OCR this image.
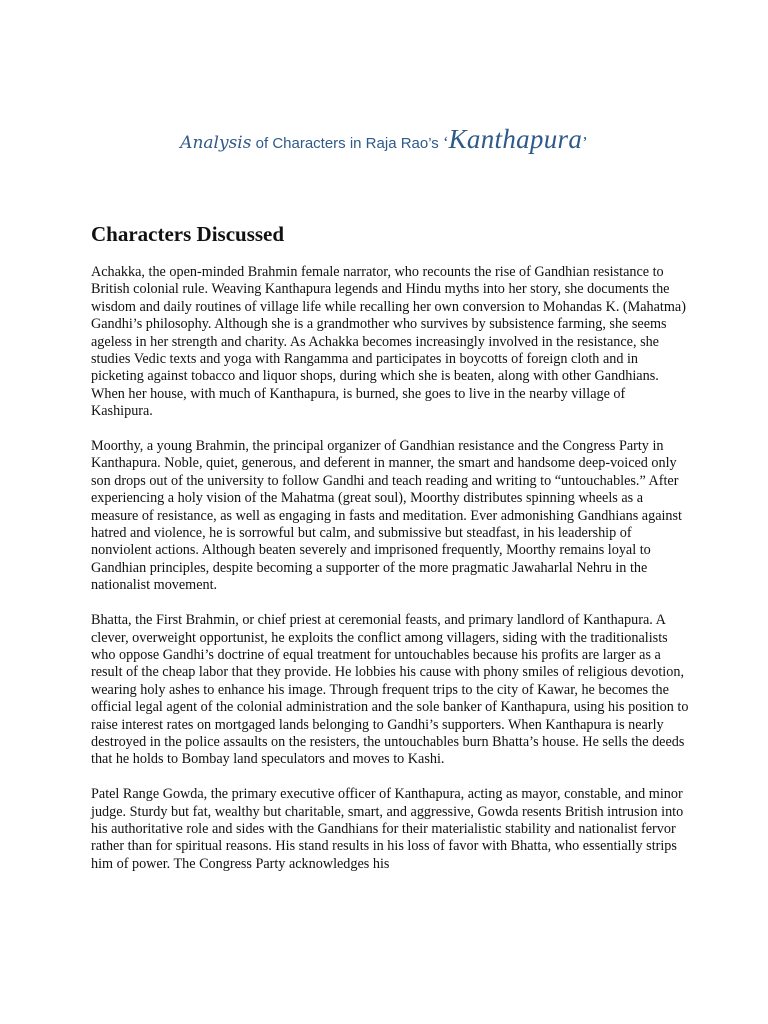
Analysis of Characters in Raja Rao’s ‘Kanthapura’
Characters Discussed

Achakka, the open-minded Brahmin female narrator, who recounts the rise of Gandhian resistance to British colonial rule. Weaving Kanthapura legends and Hindu myths into her story, she documents the wisdom and daily routines of village life while recalling her own conversion to Mohandas K. (Mahatma) Gandhi’s philosophy. Although she is a grandmother who survives by subsistence farming, she seems ageless in her strength and charity. As Achakka becomes increasingly involved in the resistance, she studies Vedic texts and yoga with Rangamma and participates in boycotts of foreign cloth and in picketing against tobacco and liquor shops, during which she is beaten, along with other Gandhians. When her house, with much of Kanthapura, is burned, she goes to live in the nearby village of Kashipura.

Moorthy, a young Brahmin, the principal organizer of Gandhian resistance and the Congress Party in Kanthapura. Noble, quiet, generous, and deferent in manner, the smart and handsome deep-voiced only son drops out of the university to follow Gandhi and teach reading and writing to “untouchables.” After experiencing a holy vision of the Mahatma (great soul), Moorthy distributes spinning wheels as a measure of resistance, as well as engaging in fasts and meditation. Ever admonishing Gandhians against hatred and violence, he is sorrowful but calm, and submissive but steadfast, in his leadership of nonviolent actions. Although beaten severely and imprisoned frequently, Moorthy remains loyal to Gandhian principles, despite becoming a supporter of the more pragmatic Jawaharlal Nehru in the nationalist movement.

Bhatta, the First Brahmin, or chief priest at ceremonial feasts, and primary landlord of Kanthapura. A clever, overweight opportunist, he exploits the conflict among villagers, siding with the traditionalists who oppose Gandhi’s doctrine of equal treatment for untouchables because his profits are larger as a result of the cheap labor that they provide. He lobbies his cause with phony smiles of religious devotion, wearing holy ashes to enhance his image. Through frequent trips to the city of Kawar, he becomes the official legal agent of the colonial administration and the sole banker of Kanthapura, using his position to raise interest rates on mortgaged lands belonging to Gandhi’s supporters. When Kanthapura is nearly destroyed in the police assaults on the resisters, the untouchables burn Bhatta’s house. He sells the deeds that he holds to Bombay land speculators and moves to Kashi.

Patel Range Gowda, the primary executive officer of Kanthapura, acting as mayor, constable, and minor judge. Sturdy but fat, wealthy but charitable, smart, and aggressive, Gowda resents British intrusion into his authoritative role and sides with the Gandhians for their materialistic stability and nationalist fervor rather than for spiritual reasons. His stand results in his loss of favor with Bhatta, who essentially strips him of power. The Congress Party acknowledges his
